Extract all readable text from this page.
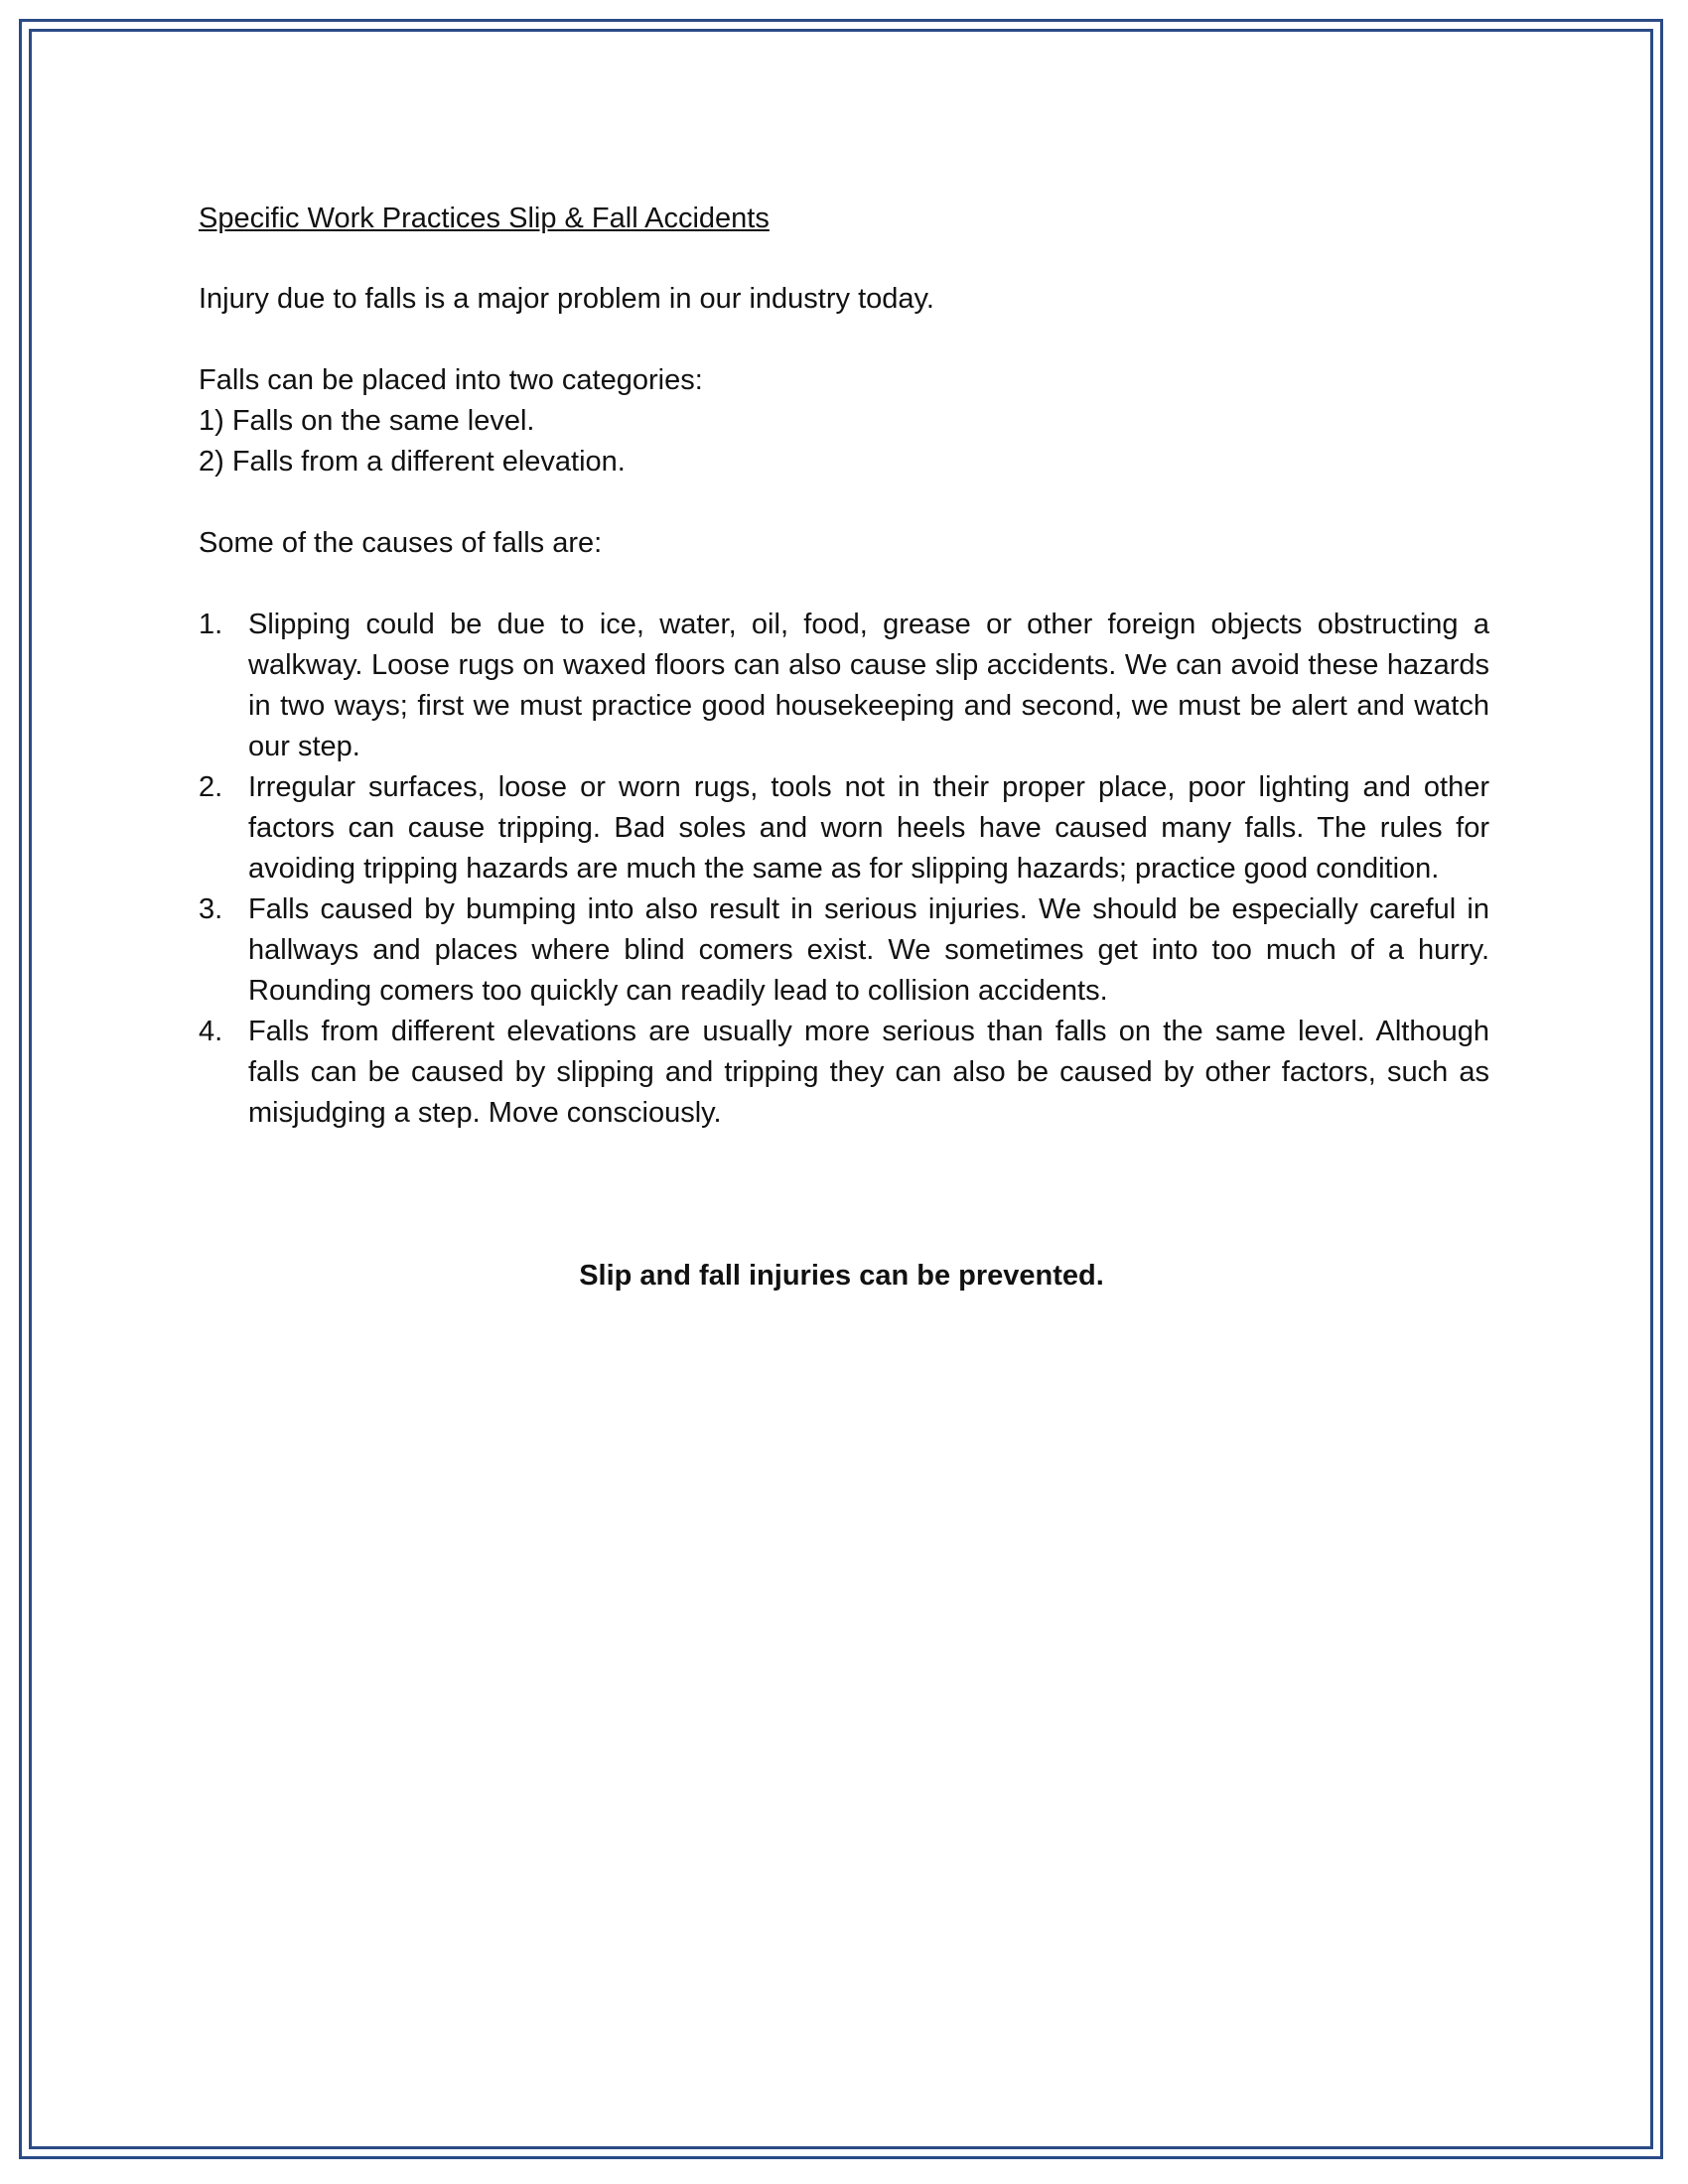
Specific Work Practices Slip & Fall Accidents

Injury due to falls is a major problem in our industry today.

Falls can be placed into two categories:

1) Falls on the same level.

2) Falls from a different elevation.

Some of the causes of falls are:

1. Slipping could be due to ice, water, oil, food, grease or other foreign objects obstructing a walkway. Loose rugs on waxed floors can also cause slip accidents. We can avoid these hazards in two ways; first we must practice good housekeeping and second, we must be alert and watch our step.
2. Irregular surfaces, loose or worn rugs, tools not in their proper place, poor lighting and other factors can cause tripping. Bad soles and worn heels have caused many falls. The rules for avoiding tripping hazards are much the same as for slipping hazards; practice good condition.
3. Falls caused by bumping into also result in serious injuries. We should be especially careful in hallways and places where blind comers exist. We sometimes get into too much of a hurry. Rounding comers too quickly can readily lead to collision accidents.
4. Falls from different elevations are usually more serious than falls on the same level. Although falls can be caused by slipping and tripping they can also be caused by other factors, such as misjudging a step. Move consciously.

Slip and fall injuries can be prevented.
